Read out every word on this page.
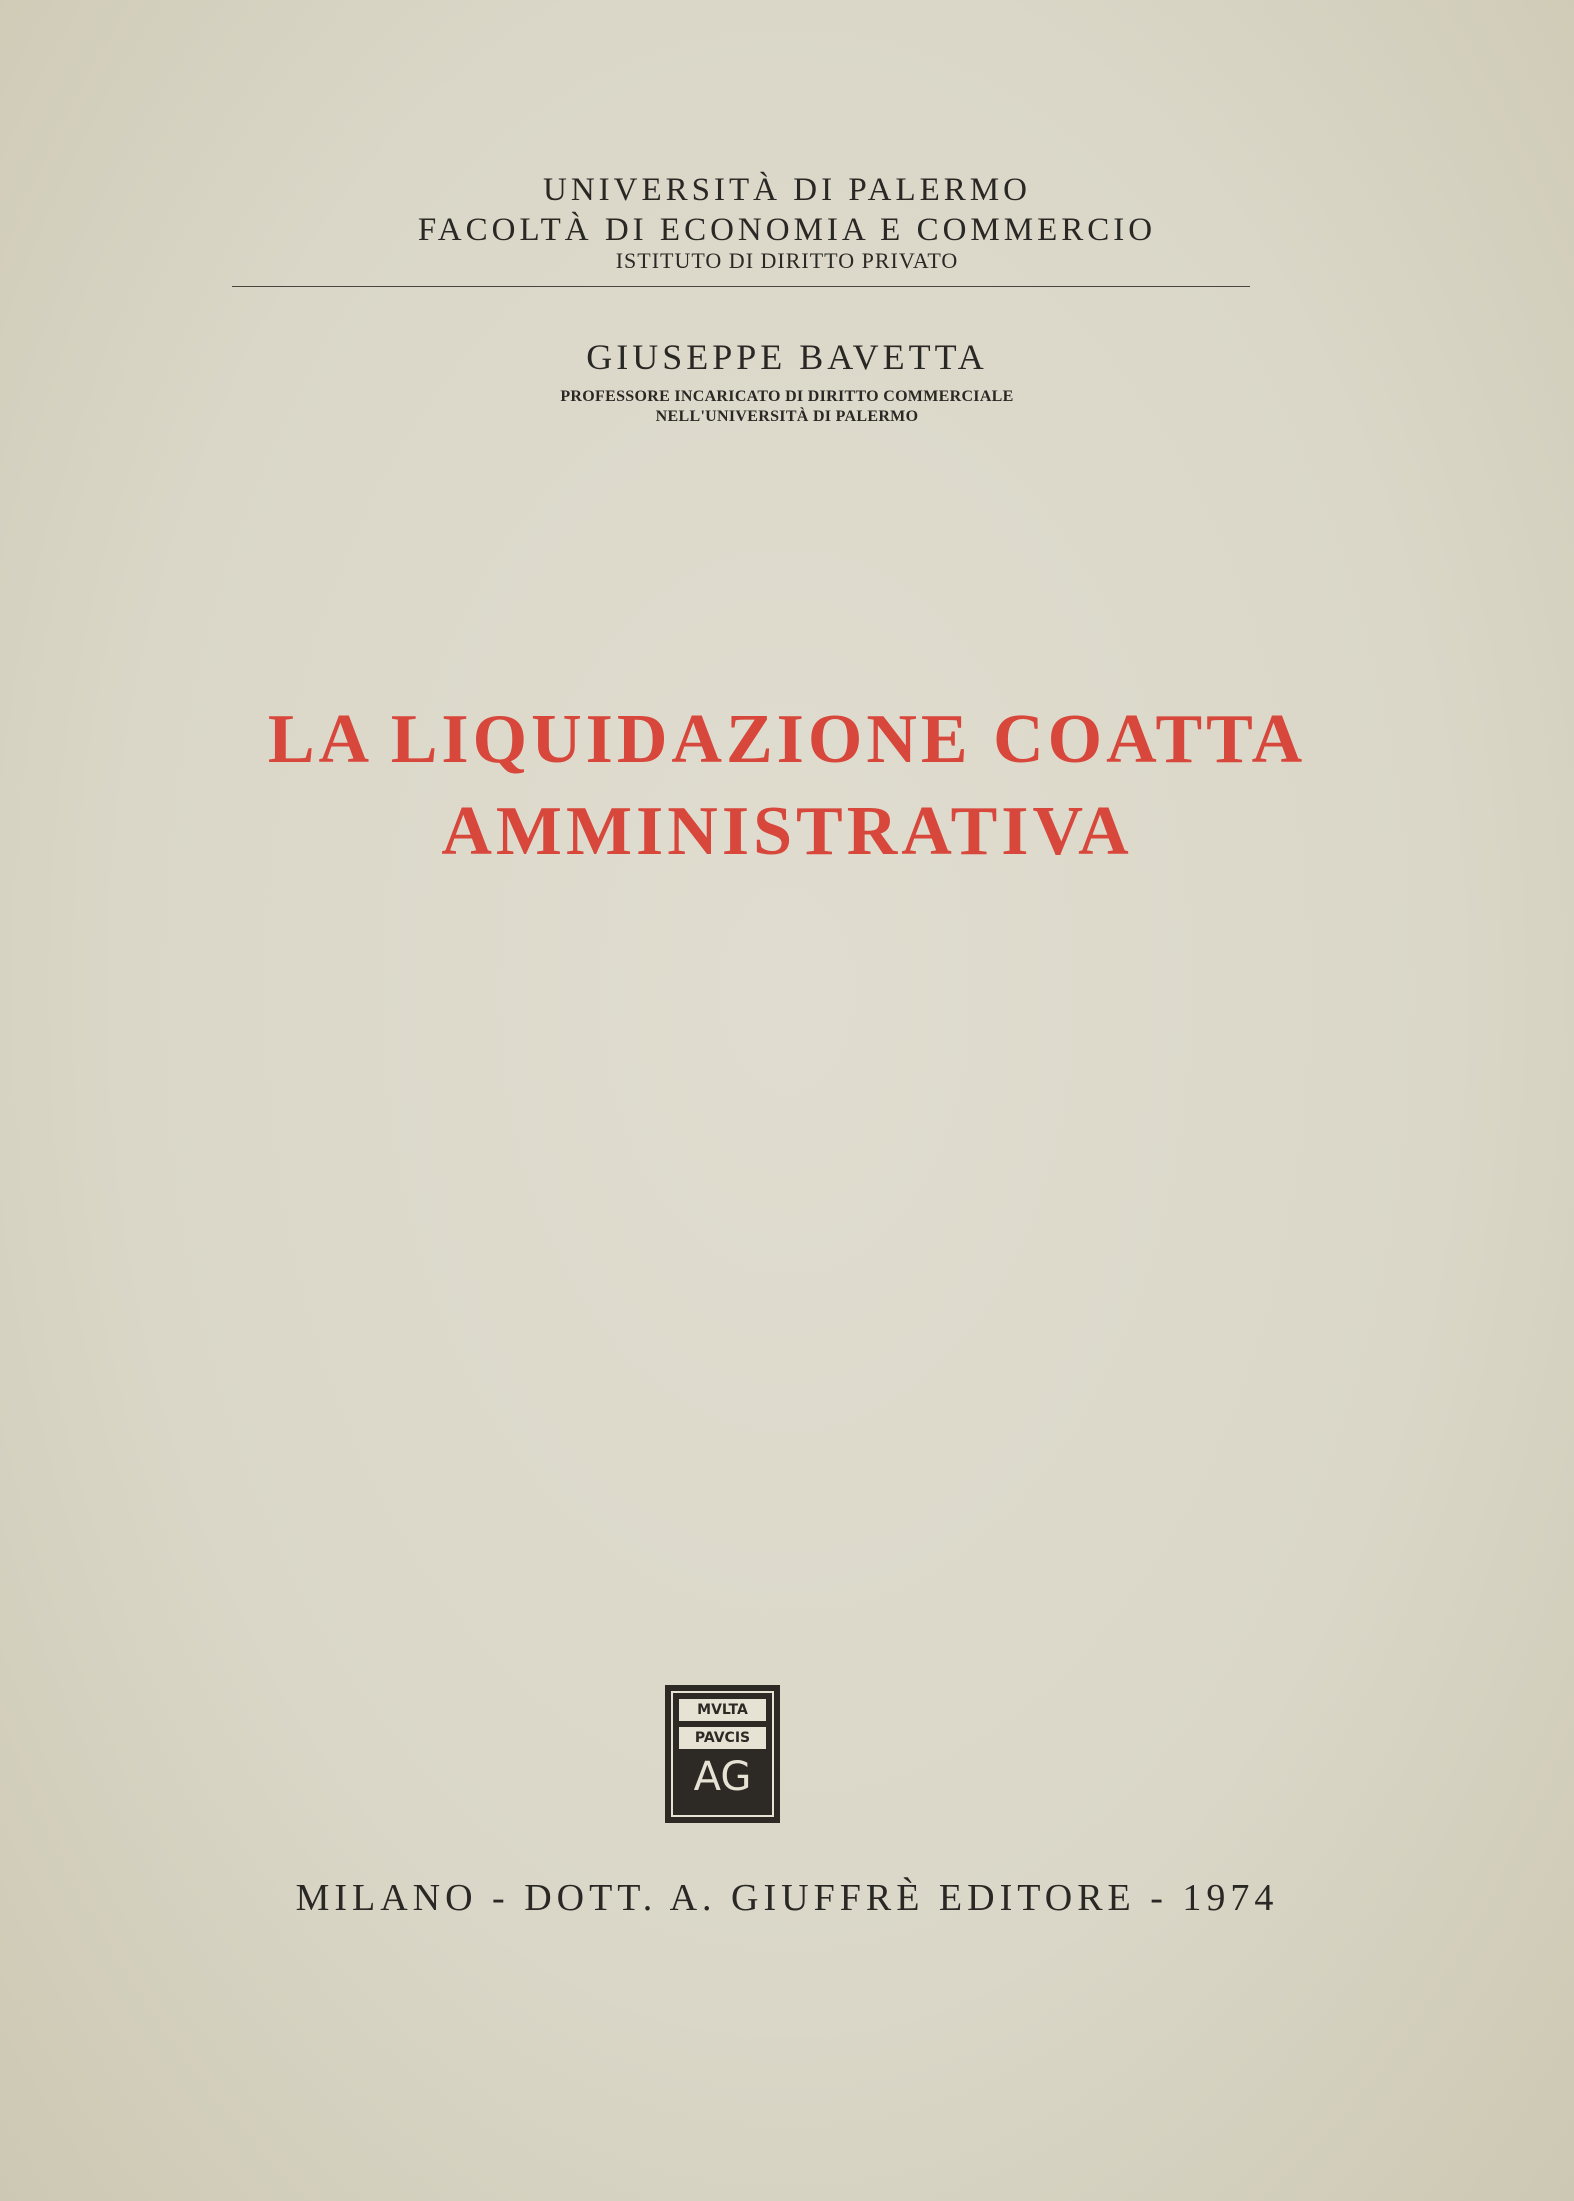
UNIVERSITÀ DI PALERMO
FACOLTÀ DI ECONOMIA E COMMERCIO
ISTITUTO DI DIRITTO PRIVATO
GIUSEPPE BAVETTA
PROFESSORE INCARICATO DI DIRITTO COMMERCIALE
NELL'UNIVERSITÀ DI PALERMO
LA LIQUIDAZIONE COATTA
AMMINISTRATIVA
MVLTA
PAVCIS
AG
MILANO - DOTT. A. GIUFFRÈ EDITORE - 1974
